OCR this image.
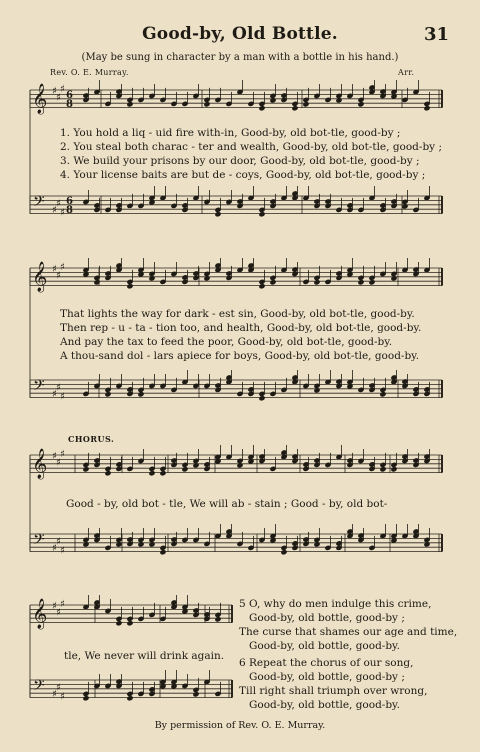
Good-by, Old Bottle.	31
(May be sung in character by a man with a bottle in his hand.)
Rev. O. E. Murray.	Arr.
𝄞
𝄢
♯
♯
♯
♯
♯
♯
6
8
6
8
𝄞
𝄢
♯
♯
♯
♯
♯
♯
𝄞
𝄢
♯
♯
♯
♯
♯
♯
𝄞
𝄢
♯
♯
♯
♯
♯
♯
1. You hold a liq - uid fire with-in, Good-by, old bot-tle, good-by ;
2. You steal both charac - ter and wealth, Good-by, old bot-tle, good-by ;
3. We build your prisons by our door, Good-by, old bot-tle, good-by ;
4. Your license baits are but de - coys, Good-by, old bot-tle, good-by ;
That lights the way for dark - est sin, Good-by, old bot-tle, good-by.
Then rep - u - ta - tion too, and health, Good-by, old bot-tle, good-by.
And pay the tax to feed the poor, Good-by, old bot-tle, good-by.
A thou-sand dol - lars apiece for boys, Good-by, old bot-tle, good-by.
CHORUS.
Good - by, old bot - tle, We will ab - stain ; Good - by, old bot-
tle, We never will drink again.
5 O, why do men indulge this crime,
Good-by, old bottle, good-by ;
The curse that shames our age and time,
Good-by, old bottle, good-by.
6 Repeat the chorus of our song,
Good-by, old bottle, good-by ;
Till right shall triumph over wrong,
Good-by, old bottle, good-by.
By permission of Rev. O. E. Murray.
